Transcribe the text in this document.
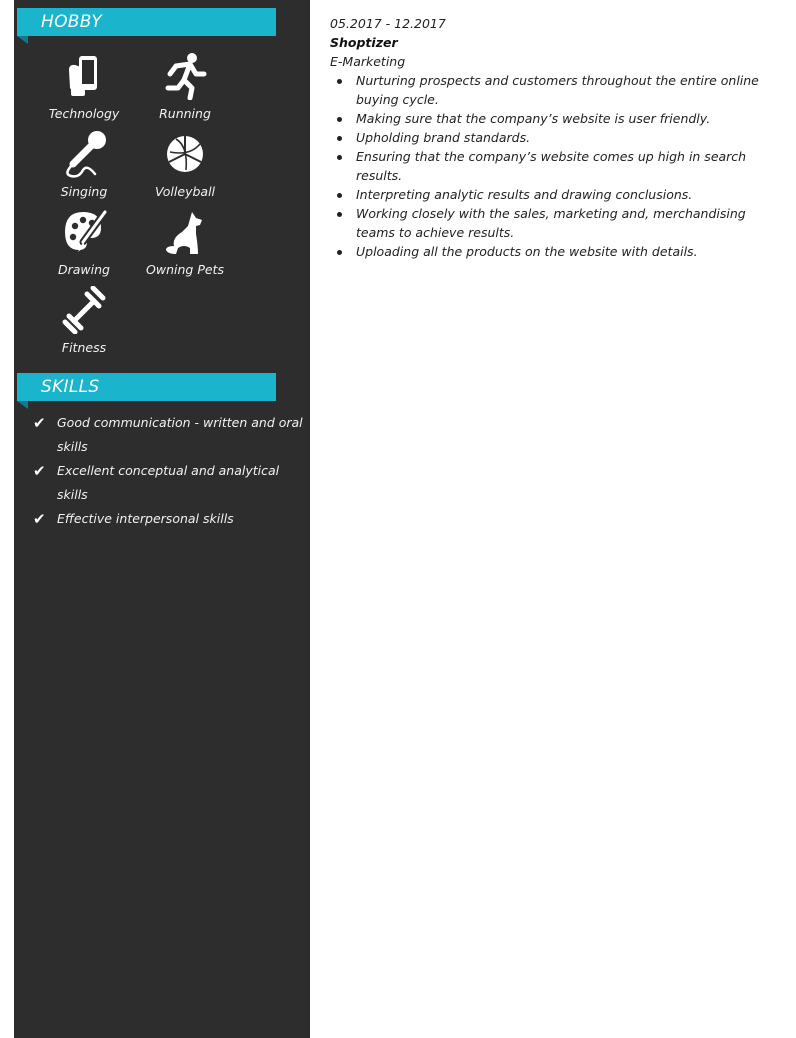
HOBBY
Technology	Running
Singing	Volleyball
Drawing	Owning Pets
Fitness
SKILLS
✔ Good communication - written and oral skills
✔ Excellent conceptual and analytical skills
✔ Effective interpersonal skills
05.2017 - 12.2017
Shoptizer
E-Marketing
Nurturing prospects and customers throughout the entire online buying cycle.
Making sure that the company’s website is user friendly.
Upholding brand standards.
Ensuring that the company’s website comes up high in search results.
Interpreting analytic results and drawing conclusions.
Working closely with the sales, marketing and, merchandising teams to achieve results.
Uploading all the products on the website with details.
